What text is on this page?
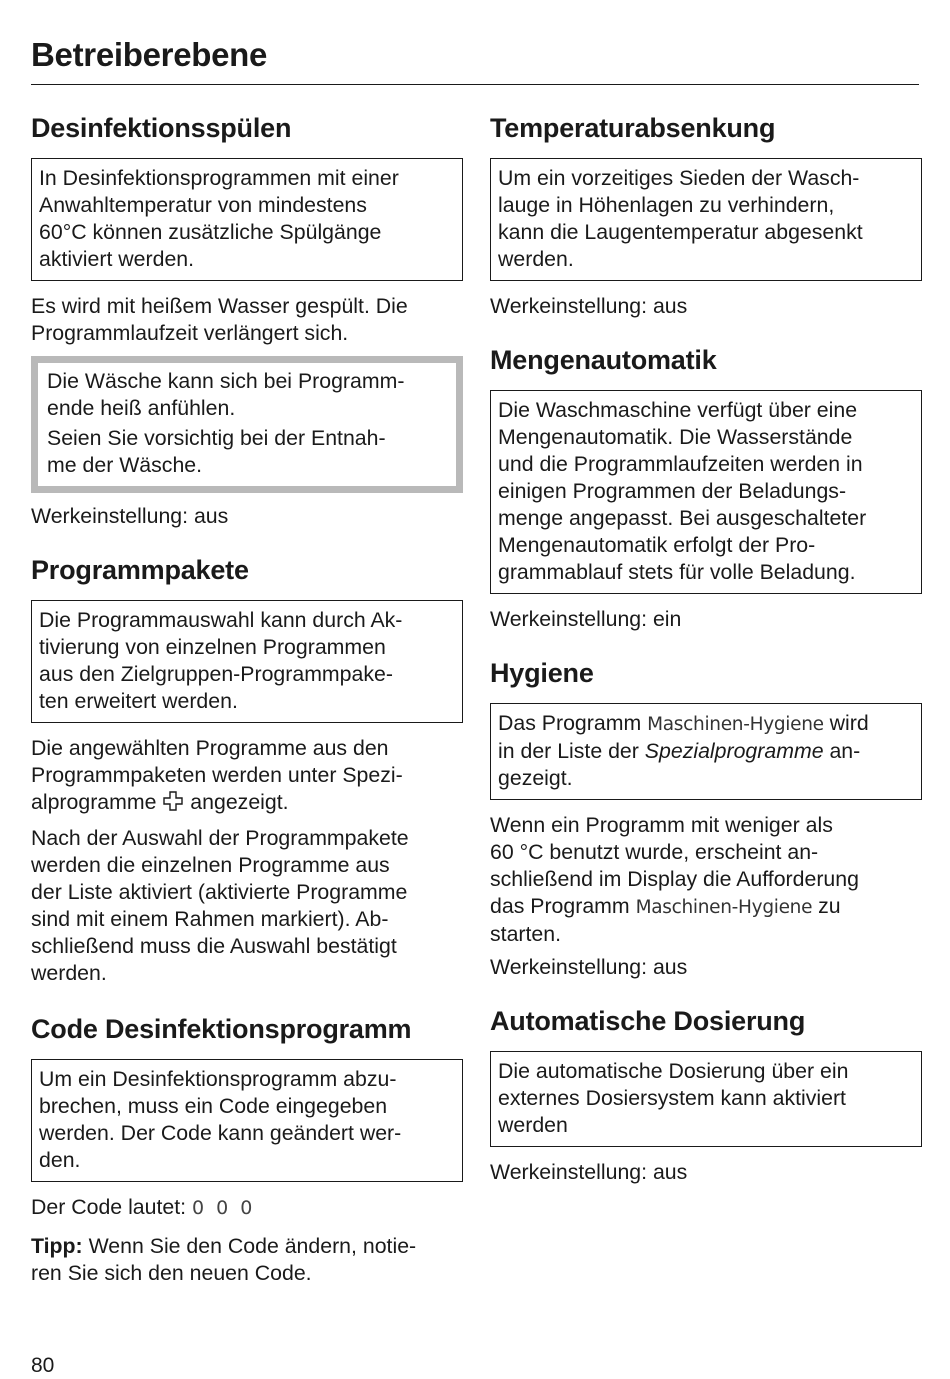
Betreiberebene
Desinfektionsspülen
In Desinfektionsprogrammen mit einer
Anwahltemperatur von mindestens
60°C können zusätzliche Spülgänge
aktiviert werden.

Es wird mit heißem Wasser gespült. Die
Programmlaufzeit verlängert sich.

Die Wäsche kann sich bei Programm-
ende heiß anfühlen.

Seien Sie vorsichtig bei der Entnah-
me der Wäsche.

Werkeinstellung: aus

Programmpakete
Die Programmauswahl kann durch Ak-
tivierung von einzelnen Programmen
aus den Zielgruppen-Programmpake-
ten erweitert werden.

Die angewählten Programme aus den
Programmpaketen werden unter Spezi-
alprogramme  angezeigt.

Nach der Auswahl der Programmpakete
werden die einzelnen Programme aus
der Liste aktiviert (aktivierte Programme
sind mit einem Rahmen markiert). Ab-
schließend muss die Auswahl bestätigt
werden.

Code Desinfektionsprogramm
Um ein Desinfektionsprogramm abzu-
brechen, muss ein Code eingegeben
werden. Der Code kann geändert wer-
den.

Der Code lautet: 0 0 0

Tipp: Wenn Sie den Code ändern, notie-
ren Sie sich den neuen Code.

Temperaturabsenkung
Um ein vorzeitiges Sieden der Wasch-
lauge in Höhenlagen zu verhindern,
kann die Laugentemperatur abgesenkt
werden.

Werkeinstellung: aus

Mengenautomatik
Die Waschmaschine verfügt über eine
Mengenautomatik. Die Wasserstände
und die Programmlaufzeiten werden in
einigen Programmen der Beladungs-
menge angepasst. Bei ausgeschalteter
Mengenautomatik erfolgt der Pro-
grammablauf stets für volle Beladung.

Werkeinstellung: ein

Hygiene
Das Programm Maschinen-Hygiene wird
in der Liste der Spezialprogramme an-
gezeigt.

Wenn ein Programm mit weniger als
60 °C benutzt wurde, erscheint an-
schließend im Display die Aufforderung
das Programm Maschinen-Hygiene zu
starten.

Werkeinstellung: aus

Automatische Dosierung
Die automatische Dosierung über ein
externes Dosiersystem kann aktiviert
werden

Werkeinstellung: aus

80
